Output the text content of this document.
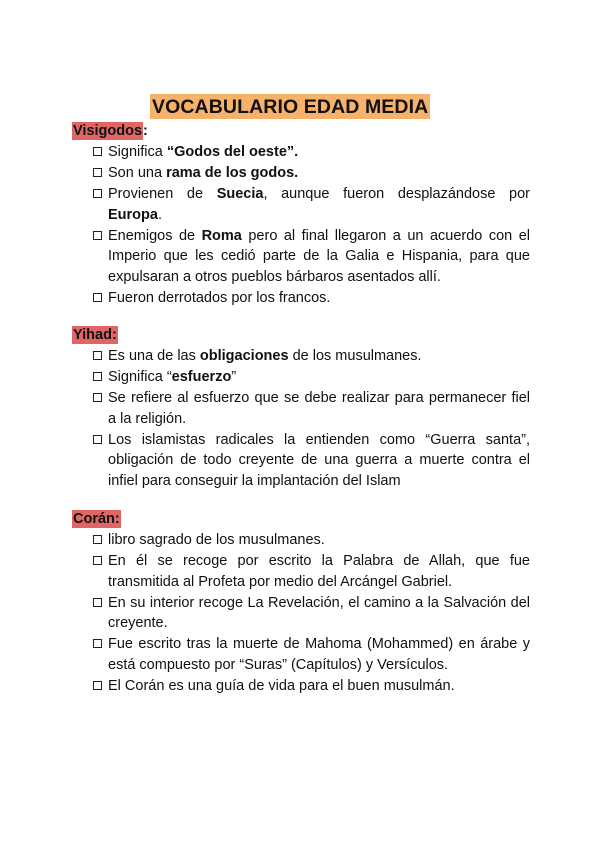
VOCABULARIO EDAD MEDIA
Visigodos:
Significa “Godos del oeste”.
Son una rama de los godos.
Provienen de Suecia, aunque fueron desplazándose por Europa.
Enemigos de Roma pero al final llegaron a un acuerdo con el Imperio que les cedió parte de la Galia e Hispania, para que expulsaran a otros pueblos bárbaros asentados allí.
Fueron derrotados por los francos.
Yihad:
Es una de las obligaciones de los musulmanes.
Significa “esfuerzo”
Se refiere al esfuerzo que se debe realizar para permanecer fiel a la religión.
Los islamistas radicales la entienden como “Guerra santa”, obligación de todo creyente de una guerra a muerte contra el infiel para conseguir la implantación del Islam
Corán:
libro sagrado de los musulmanes.
En él se recoge por escrito la Palabra de Allah, que fue transmitida al Profeta por medio del Arcángel Gabriel.
En su interior recoge La Revelación, el camino a la Salvación del creyente.
Fue escrito tras la muerte de Mahoma (Mohammed) en árabe y está compuesto por “Suras” (Capítulos) y Versículos.
El Corán es una guía de vida para el buen musulmán.
